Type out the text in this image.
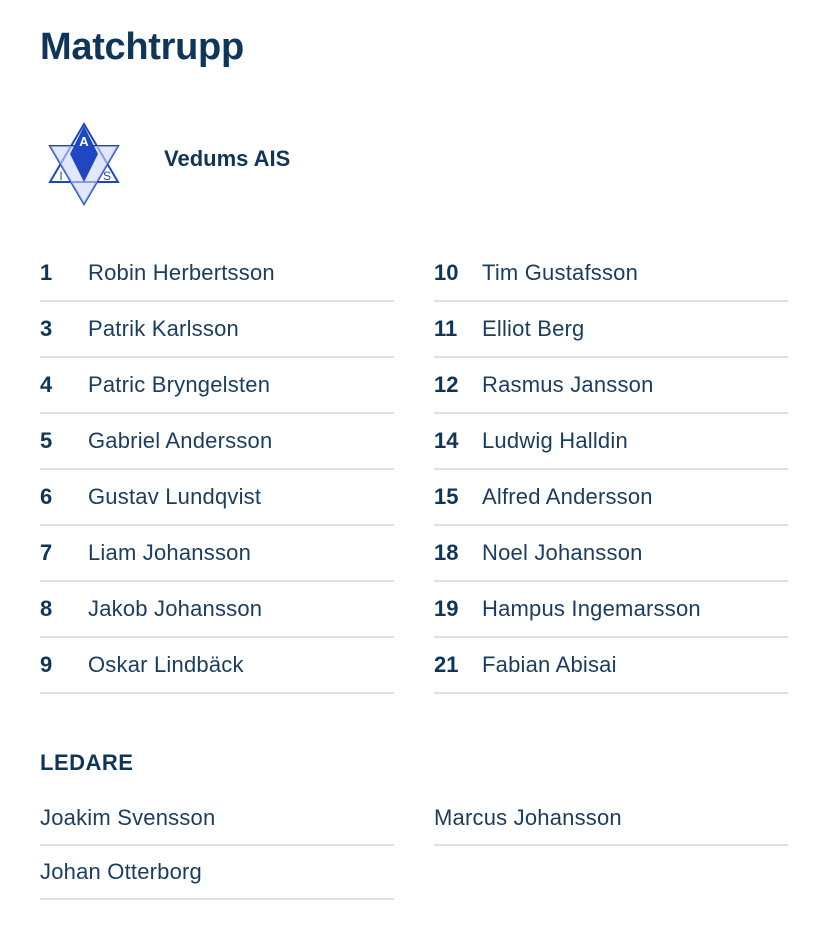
Matchtrupp
A
I	S
Vedums AIS
1	Robin Herbertsson
3	Patrik Karlsson
4	Patric Bryngelsten
5	Gabriel Andersson
6	Gustav Lundqvist
7	Liam Johansson
8	Jakob Johansson
9	Oskar Lindbäck
10	Tim Gustafsson
11	Elliot Berg
12	Rasmus Jansson
14	Ludwig Halldin
15	Alfred Andersson
18	Noel Johansson
19	Hampus Ingemarsson
21	Fabian Abisai
LEDARE
Joakim Svensson
Johan Otterborg
Marcus Johansson
